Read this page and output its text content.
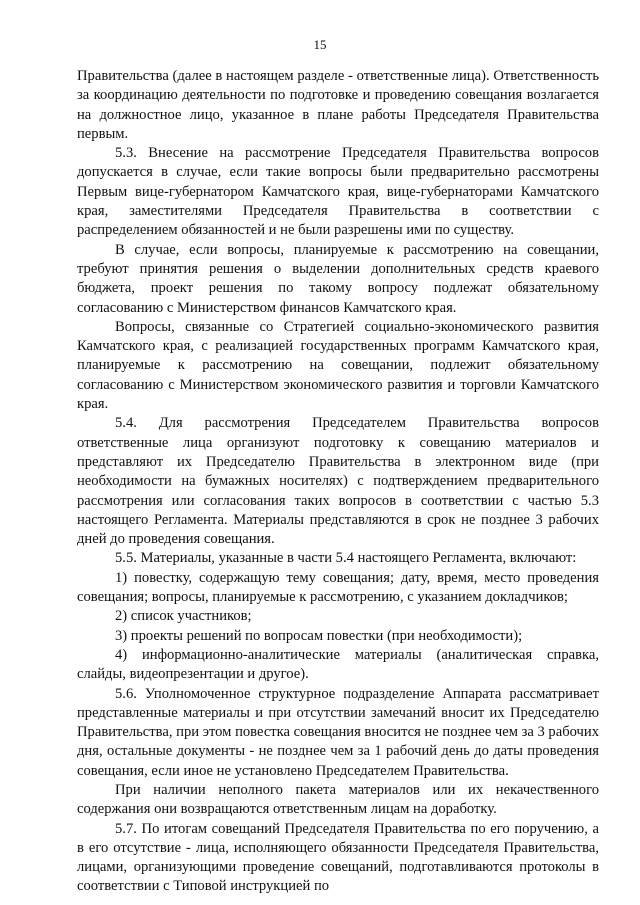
15

Правительства (далее в настоящем разделе - ответственные лица). Ответственность за координацию деятельности по подготовке и проведению совещания возлагается на должностное лицо, указанное в плане работы Председателя Правительства первым.

5.3. Внесение на рассмотрение Председателя Правительства вопросов допускается в случае, если такие вопросы были предварительно рассмотрены Первым вице-губернатором Камчатского края, вице-губернаторами Камчатского края, заместителями Председателя Правительства в соответствии с распределением обязанностей и не были разрешены ими по существу.

В случае, если вопросы, планируемые к рассмотрению на совещании, требуют принятия решения о выделении дополнительных средств краевого бюджета, проект решения по такому вопросу подлежат обязательному согласованию с Министерством финансов Камчатского края.

Вопросы, связанные со Стратегией социально-экономического развития Камчатского края, с реализацией государственных программ Камчатского края, планируемые к рассмотрению на совещании, подлежит обязательному согласованию с Министерством экономического развития и торговли Камчатского края.

5.4. Для рассмотрения Председателем Правительства вопросов ответственные лица организуют подготовку к совещанию материалов и представляют их Председателю Правительства в электронном виде (при необходимости на бумажных носителях) с подтверждением предварительного рассмотрения или согласования таких вопросов в соответствии с частью 5.3 настоящего Регламента. Материалы представляются в срок не позднее 3 рабочих дней до проведения совещания.

5.5. Материалы, указанные в части 5.4 настоящего Регламента, включают:

1) повестку, содержащую тему совещания; дату, время, место проведения совещания; вопросы, планируемые к рассмотрению, с указанием докладчиков;

2) список участников;

3) проекты решений по вопросам повестки (при необходимости);

4) информационно-аналитические материалы (аналитическая справка, слайды, видеопрезентации и другое).

5.6. Уполномоченное структурное подразделение Аппарата рассматривает представленные материалы и при отсутствии замечаний вносит их Председателю Правительства, при этом повестка совещания вносится не позднее чем за 3 рабочих дня, остальные документы - не позднее чем за 1 рабочий день до даты проведения совещания, если иное не установлено Председателем Правительства.

При наличии неполного пакета материалов или их некачественного содержания они возвращаются ответственным лицам на доработку.

5.7. По итогам совещаний Председателя Правительства по его поручению, а в его отсутствие - лица, исполняющего обязанности Председателя Правительства, лицами, организующими проведение совещаний, подготавливаются протоколы в соответствии с Типовой инструкцией по
